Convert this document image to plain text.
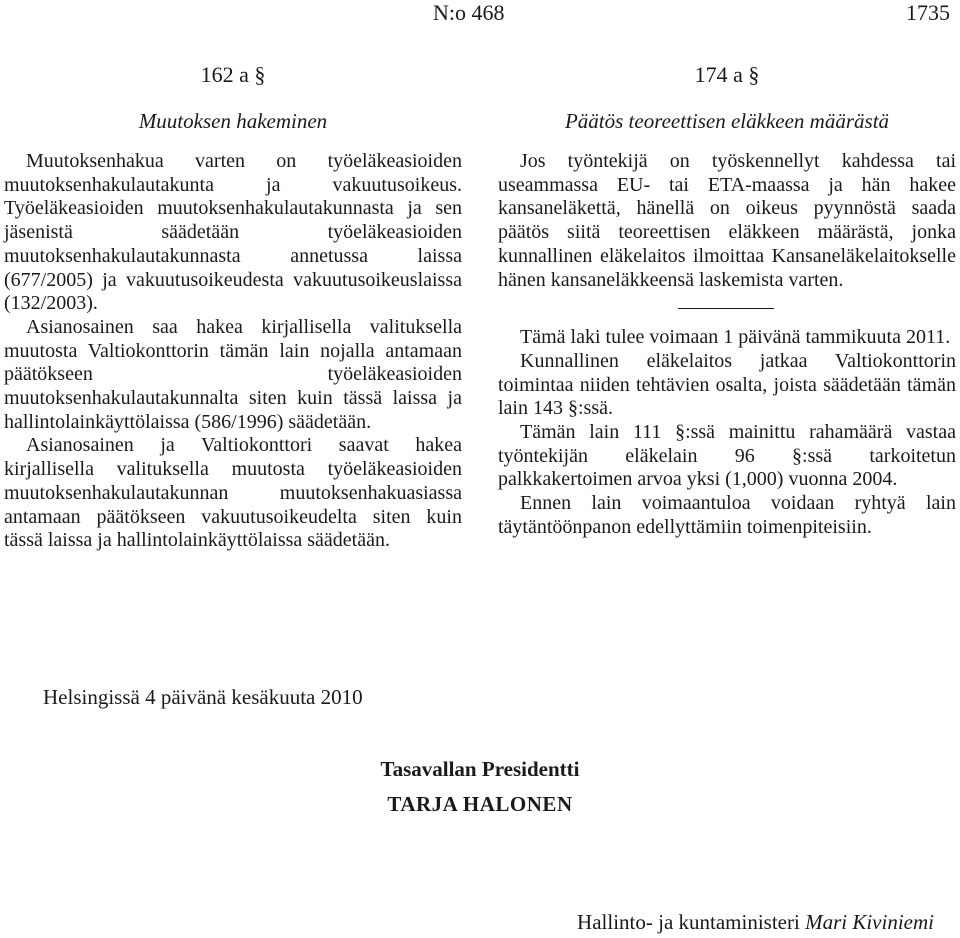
N:o 468	1735
162 a §
Muutoksen hakeminen

Muutoksenhakua varten on työeläkeasioiden muutoksenhakulautakunta ja vakuutusoikeus. Työeläkeasioiden muutoksenhakulautakunnasta ja sen jäsenistä säädetään työeläkeasioiden muutoksenhakulautakunnasta annetussa laissa (677/2005) ja vakuutusoikeudesta vakuutusoikeuslaissa (132/2003).

Asianosainen saa hakea kirjallisella valituksella muutosta Valtiokonttorin tämän lain nojalla antamaan päätökseen työeläkeasioiden muutoksenhakulautakunnalta siten kuin tässä laissa ja hallintolainkäyttölaissa (586/1996) säädetään.

Asianosainen ja Valtiokonttori saavat hakea kirjallisella valituksella muutosta työeläkeasioiden muutoksenhakulautakunnan muutoksenhakuasiassa antamaan päätökseen vakuutusoikeudelta siten kuin tässä laissa ja hallintolainkäyttölaissa säädetään.

174 a §
Päätös teoreettisen eläkkeen määrästä

Jos työntekijä on työskennellyt kahdessa tai useammassa EU- tai ETA-maassa ja hän hakee kansaneläkettä, hänellä on oikeus pyynnöstä saada päätös siitä teoreettisen eläkkeen määrästä, jonka kunnallinen eläkelaitos ilmoittaa Kansaneläkelaitokselle hänen kansaneläkkeensä laskemista varten.

Tämä laki tulee voimaan 1 päivänä tammikuuta 2011.

Kunnallinen eläkelaitos jatkaa Valtiokonttorin toimintaa niiden tehtävien osalta, joista säädetään tämän lain 143 §:ssä.

Tämän lain 111 §:ssä mainittu rahamäärä vastaa työntekijän eläkelain 96 §:ssä tarkoitetun palkkakertoimen arvoa yksi (1,000) vuonna 2004.

Ennen lain voimaantuloa voidaan ryhtyä lain täytäntöönpanon edellyttämiin toimenpiteisiin.

Helsingissä 4 päivänä kesäkuuta 2010
Tasavallan Presidentti
TARJA HALONEN
Hallinto- ja kuntaministeri Mari Kiviniemi
